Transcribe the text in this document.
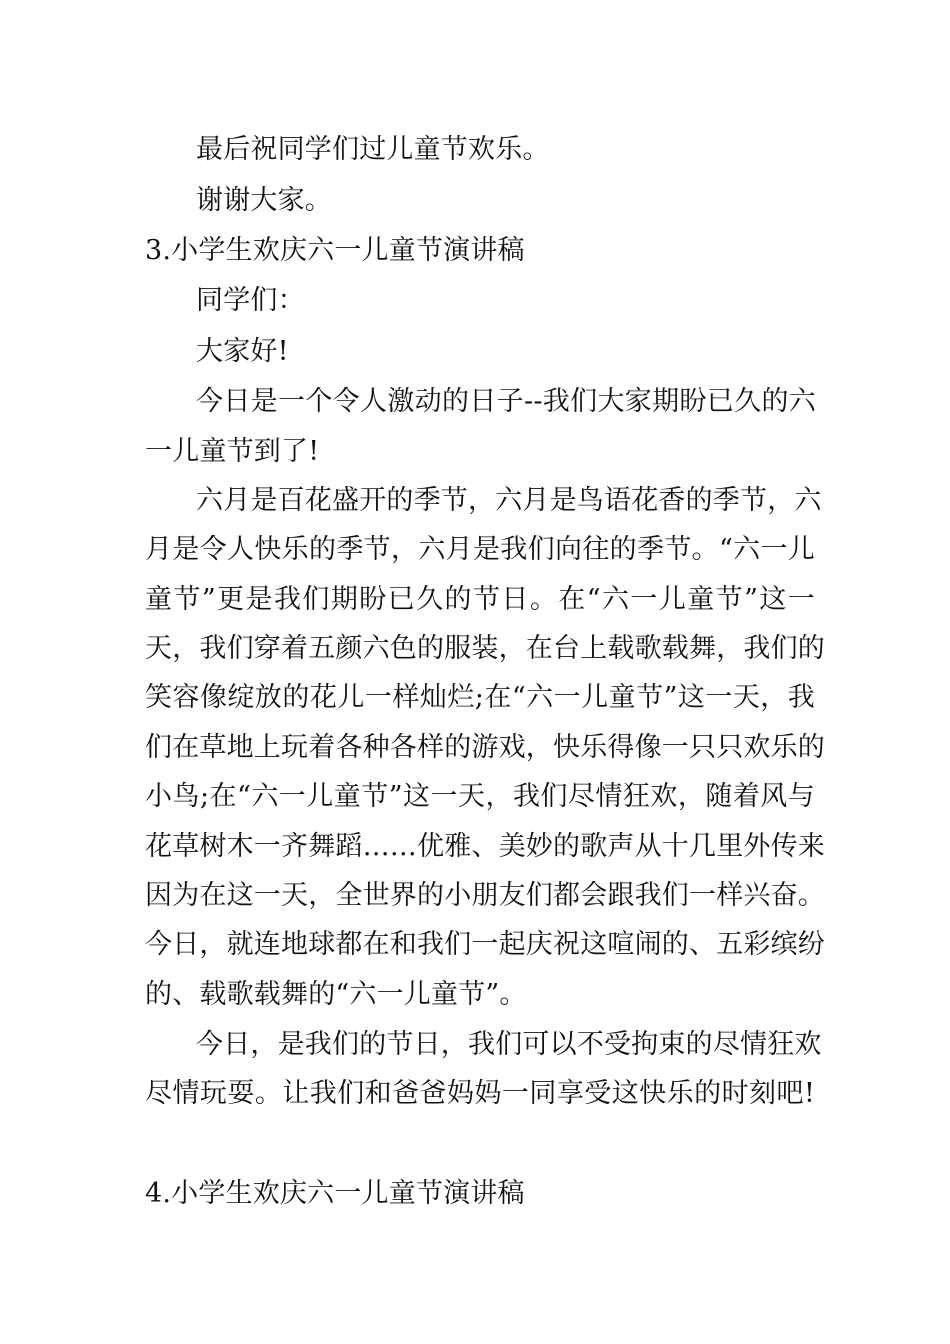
最后祝同学们过儿童节欢乐。
谢谢大家。
3.小学生欢庆六一儿童节演讲稿
同学们：
大家好!
今日是一个令人激动的日子--我们大家期盼已久的六
一儿童节到了!
六月是百花盛开的季节，六月是鸟语花香的季节，六
月是令人快乐的季节，六月是我们向往的季节。“六一儿
童节”更是我们期盼已久的节日。在“六一儿童节”这一
天，我们穿着五颜六色的服装，在台上载歌载舞，我们的
笑容像绽放的花儿一样灿烂;在“六一儿童节”这一天，我
们在草地上玩着各种各样的游戏，快乐得像一只只欢乐的
小鸟;在“六一儿童节”这一天，我们尽情狂欢，随着风与
花草树木一齐舞蹈……优雅、美妙的歌声从十几里外传来
因为在这一天，全世界的小朋友们都会跟我们一样兴奋。
今日，就连地球都在和我们一起庆祝这喧闹的、五彩缤纷
的、载歌载舞的“六一儿童节”。
今日，是我们的节日，我们可以不受拘束的尽情狂欢
尽情玩耍。让我们和爸爸妈妈一同享受这快乐的时刻吧!
4.小学生欢庆六一儿童节演讲稿
